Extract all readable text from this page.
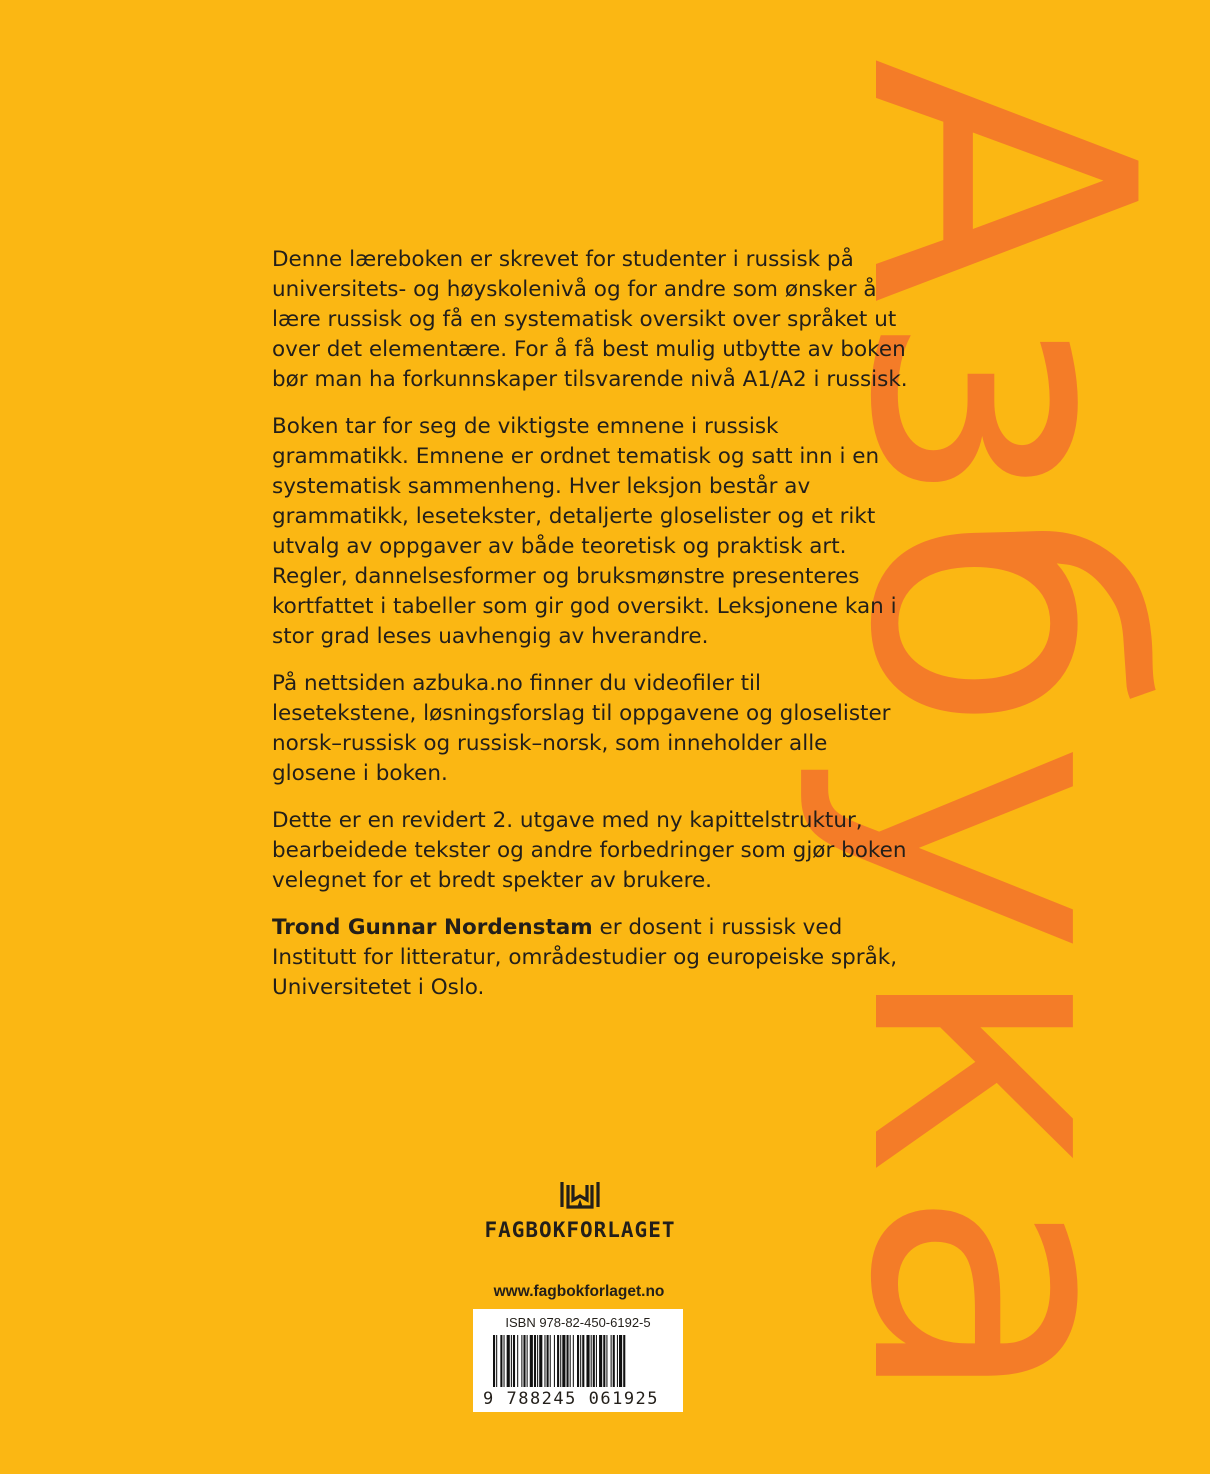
Азбука

Denne læreboken er skrevet for studenter i russisk på universitets- og høyskolenivå og for andre som ønsker å lære russisk og få en systematisk oversikt over språket ut over det elementære. For å få best mulig utbytte av boken bør man ha forkunnskaper tilsvarende nivå A1/A2 i russisk.

Boken tar for seg de viktigste emnene i russisk grammatikk. Emnene er ordnet tematisk og satt inn i en systematisk sammenheng. Hver leksjon består av grammatikk, lesetekster, detaljerte gloselister og et rikt utvalg av oppgaver av både teoretisk og praktisk art. Regler, dannelsesformer og bruksmønstre presenteres kortfattet i tabeller som gir god oversikt. Leksjonene kan i stor grad leses uavhengig av hverandre.

På nettsiden azbuka.no finner du videofiler til lesetekstene, løsningsforslag til oppgavene og gloselister norsk–russisk og russisk–norsk, som inneholder alle glosene i boken.

Dette er en revidert 2. utgave med ny kapittelstruktur, bearbeidede tekster og andre forbedringer som gjør boken velegnet for et bredt spekter av brukere.

Trond Gunnar Nordenstam er dosent i russisk ved Institutt for litteratur, områdestudier og europeiske språk, Universitetet i Oslo.

FAGBOKFORLAGET
www.fagbokforlaget.no
ISBN 978-82-450-6192-5
9 788245 061925
